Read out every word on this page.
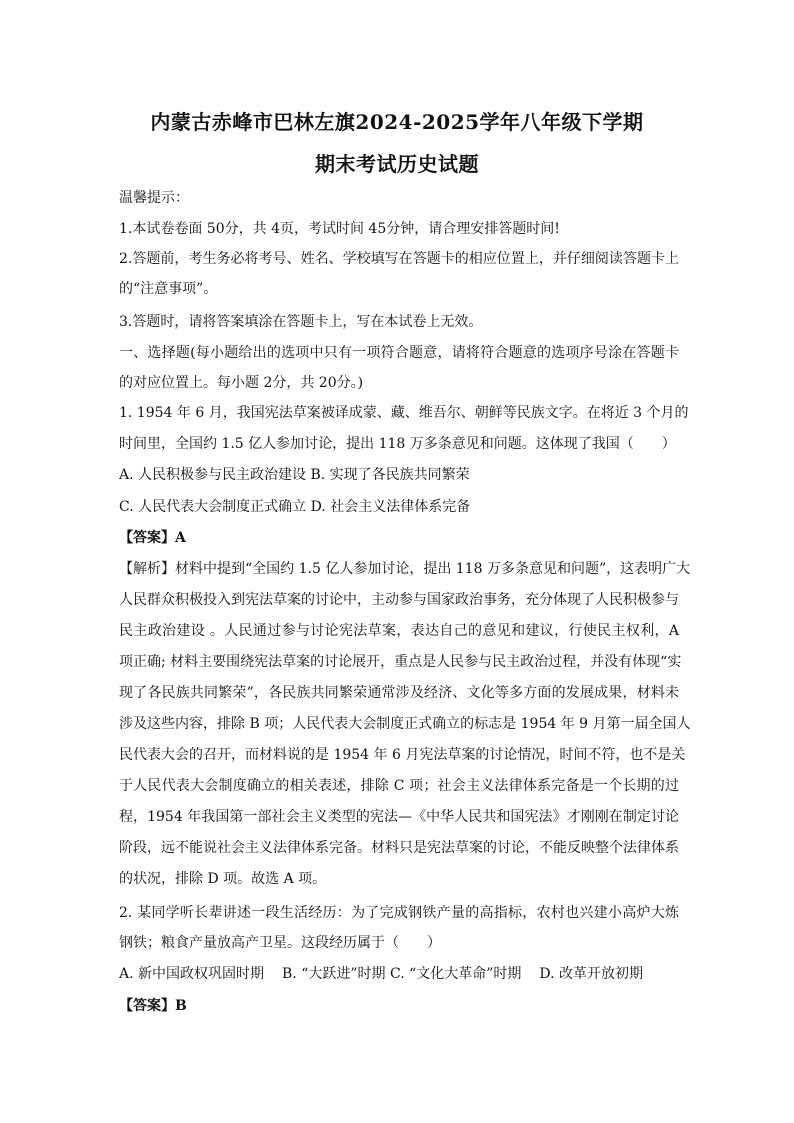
内蒙古赤峰市巴林左旗2024-2025学年八年级下学期
期末考试历史试题
温馨提示：
1.本试卷卷面 50分，共 4页，考试时间 45分钟，请合理安排答题时间!
2.答题前，考生务必将考号、姓名、学校填写在答题卡的相应位置上，并仔细阅读答题卡上
的“注意事项”。
3.答题时，请将答案填涂在答题卡上，写在本试卷上无效。
一、选择题(每小题给出的选项中只有一项符合题意，请将符合题意的选项序号涂在答题卡
的对应位置上。每小题 2分，共 20分。)
1. 1954 年 6 月，我国宪法草案被译成蒙、藏、维吾尔、朝鲜等民族文字。在将近 3 个月的
时间里，全国约 1.5 亿人参加讨论，提出 118 万多条意见和问题。这体现了我国（　　）
A. 人民积极参与民主政治建设 B. 实现了各民族共同繁荣
C. 人民代表大会制度正式确立 D. 社会主义法律体系完备
【答案】A
【解析】材料中提到“全国约 1.5 亿人参加讨论，提出 118 万多条意见和问题”，这表明广大
人民群众积极投入到宪法草案的讨论中，主动参与国家政治事务，充分体现了人民积极参与
民主政治建设 。人民通过参与讨论宪法草案，表达自己的意见和建议，行使民主权利，A
项正确; 材料主要围绕宪法草案的讨论展开，重点是人民参与民主政治过程，并没有体现“实
现了各民族共同繁荣”，各民族共同繁荣通常涉及经济、文化等多方面的发展成果，材料未
涉及这些内容，排除 B 项；人民代表大会制度正式确立的标志是 1954 年 9 月第一届全国人
民代表大会的召开，而材料说的是 1954 年 6 月宪法草案的讨论情况，时间不符，也不是关
于人民代表大会制度确立的相关表述，排除 C 项；社会主义法律体系完备是一个长期的过
程，1954 年我国第一部社会主义类型的宪法—《中华人民共和国宪法》才刚刚在制定讨论
阶段，远不能说社会主义法律体系完备。材料只是宪法草案的讨论，不能反映整个法律体系
的状况，排除 D 项。故选 A 项。
2. 某同学听长辈讲述一段生活经历：为了完成钢铁产量的高指标，农村也兴建小高炉大炼
钢铁；粮食产量放高产卫星。这段经历属于（　　）
A. 新中国政权巩固时期 B. “大跃进”时期 C. “文化大革命”时期 D. 改革开放初期
【答案】B
